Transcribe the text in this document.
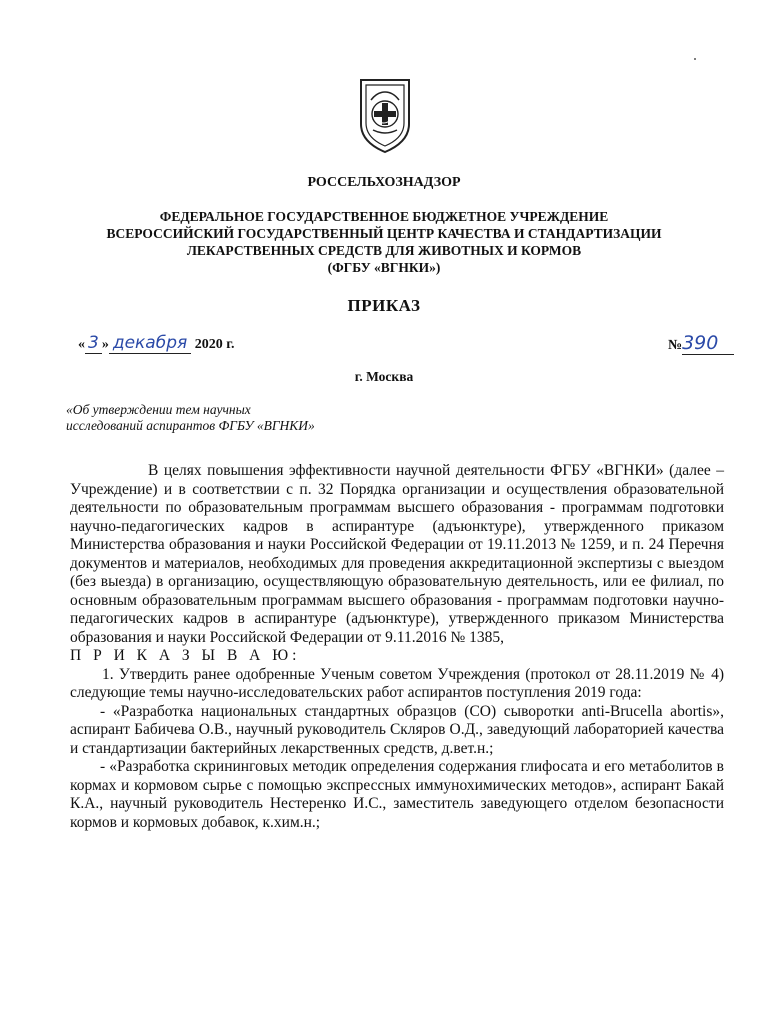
РОССЕЛЬХОЗНАДЗОР
ФЕДЕРАЛЬНОЕ ГОСУДАРСТВЕННОЕ БЮДЖЕТНОЕ УЧРЕЖДЕНИЕ
ВСЕРОССИЙСКИЙ ГОСУДАРСТВЕННЫЙ ЦЕНТР КАЧЕСТВА И СТАНДАРТИЗАЦИИ
ЛЕКАРСТВЕННЫХ СРЕДСТВ ДЛЯ ЖИВОТНЫХ И КОРМОВ
(ФГБУ «ВГНКИ»)
ПРИКАЗ
« 3 » декабря 2020 г.	№390
г. Москва
«Об утверждении тем научных
исследований аспирантов ФГБУ «ВГНКИ»

В целях повышения эффективности научной деятельности ФГБУ «ВГНКИ» (далее – Учреждение) и в соответствии с п. 32 Порядка организации и осуществления образовательной деятельности по образовательным программам высшего образования - программам подготовки научно-педагогических кадров в аспирантуре (адъюнктуре), утвержденного приказом Министерства образования и науки Российской Федерации от 19.11.2013 № 1259, и п. 24 Перечня документов и материалов, необходимых для проведения аккредитационной экспертизы с выездом (без выезда) в организацию, осуществляющую образовательную деятельность, или ее филиал, по основным образовательным программам высшего образования - программам подготовки научно-педагогических кадров в аспирантуре (адъюнктуре), утвержденного приказом Министерства образования и науки Российской Федерации от 9.11.2016 № 1385,

П Р И К А З Ы В А Ю:

1. Утвердить ранее одобренные Ученым советом Учреждения (протокол от 28.11.2019 № 4) следующие темы научно-исследовательских работ аспирантов поступления 2019 года:

- «Разработка национальных стандартных образцов (СО) сыворотки anti-Brucella abortis», аспирант Бабичева О.В., научный руководитель Скляров О.Д., заведующий лабораторией качества и стандартизации бактерийных лекарственных средств, д.вет.н.;

- «Разработка скрининговых методик определения содержания глифосата и его метаболитов в кормах и кормовом сырье с помощью экспрессных иммунохимических методов», аспирант Бакай К.А., научный руководитель Нестеренко И.С., заместитель заведующего отделом безопасности кормов и кормовых добавок, к.хим.н.;
